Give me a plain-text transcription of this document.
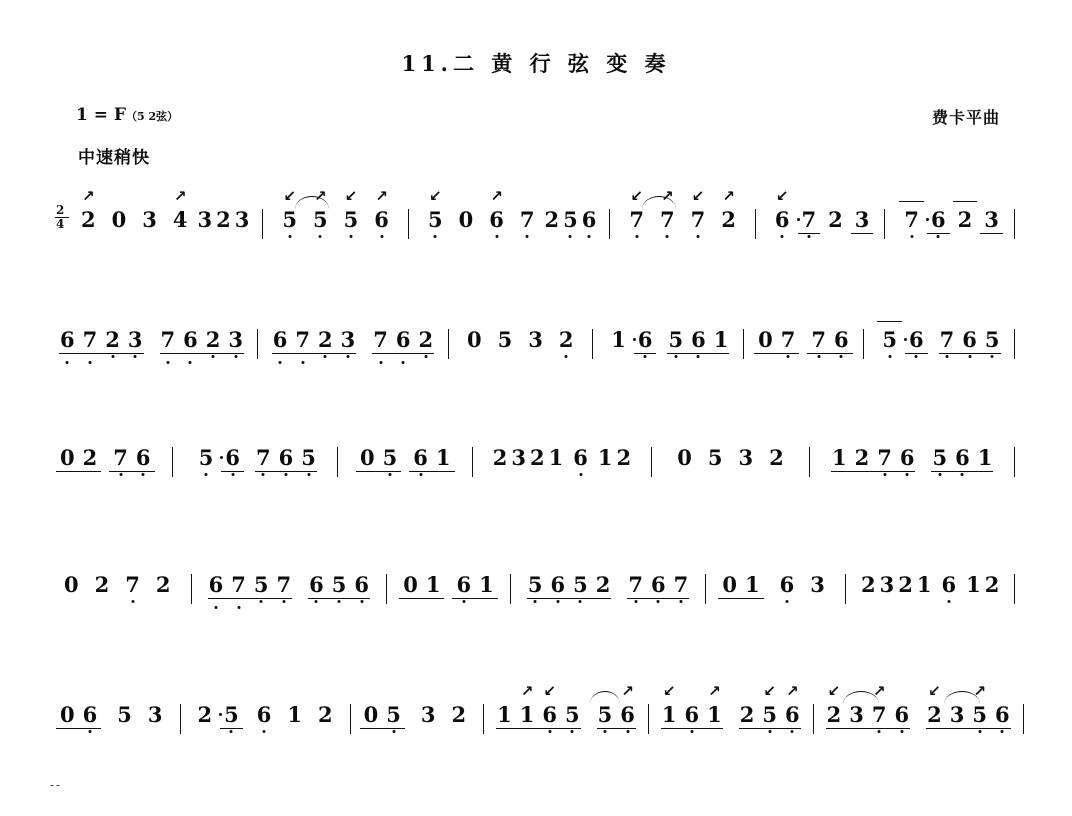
11.二 黄 行 弦 变 奏
1 = F（5 2弦）	费卡平曲
中速稍快
$\frac{2}{4} 2$
↗ 0 3 4
↗ 3 2 3	5
↙ 5
↗ 5
↙ 6
↗	5
↙ 0 6
↗ 7 2 5 6	7
↙ 7
↗ 7
↙ 2
↗	6
↙ 7 2 3	7 6 2 3
6 7 2 3 7 6 2 3 6 7 2 3 7 6 2	0 5 3 2	1 6 5 6 1 0 7 7 6	5 6 7 6 5
0 2 7 6	5 6 7 6 5 0 5 6 1 2 3 2 1 6 1 2	0 5 3 2	1 2 7 6 5 6 1
0 2 7 2	6 7 5 7 6 5 6 0 1 6 1 5 6 5 2 7 6 7 0 1 6 3	2 3 2 1 6 1 2
0 6 5 3	2 5 6 1 2	0 5 3 2	1 1
↗ 6
↙ 5 5 6
↗ 1
↙ 6 1
↗ 2 5
↙ 6
↗ 2
↙ 3 7
↗ 6 2
↙ 3 5
↗ 6
--
